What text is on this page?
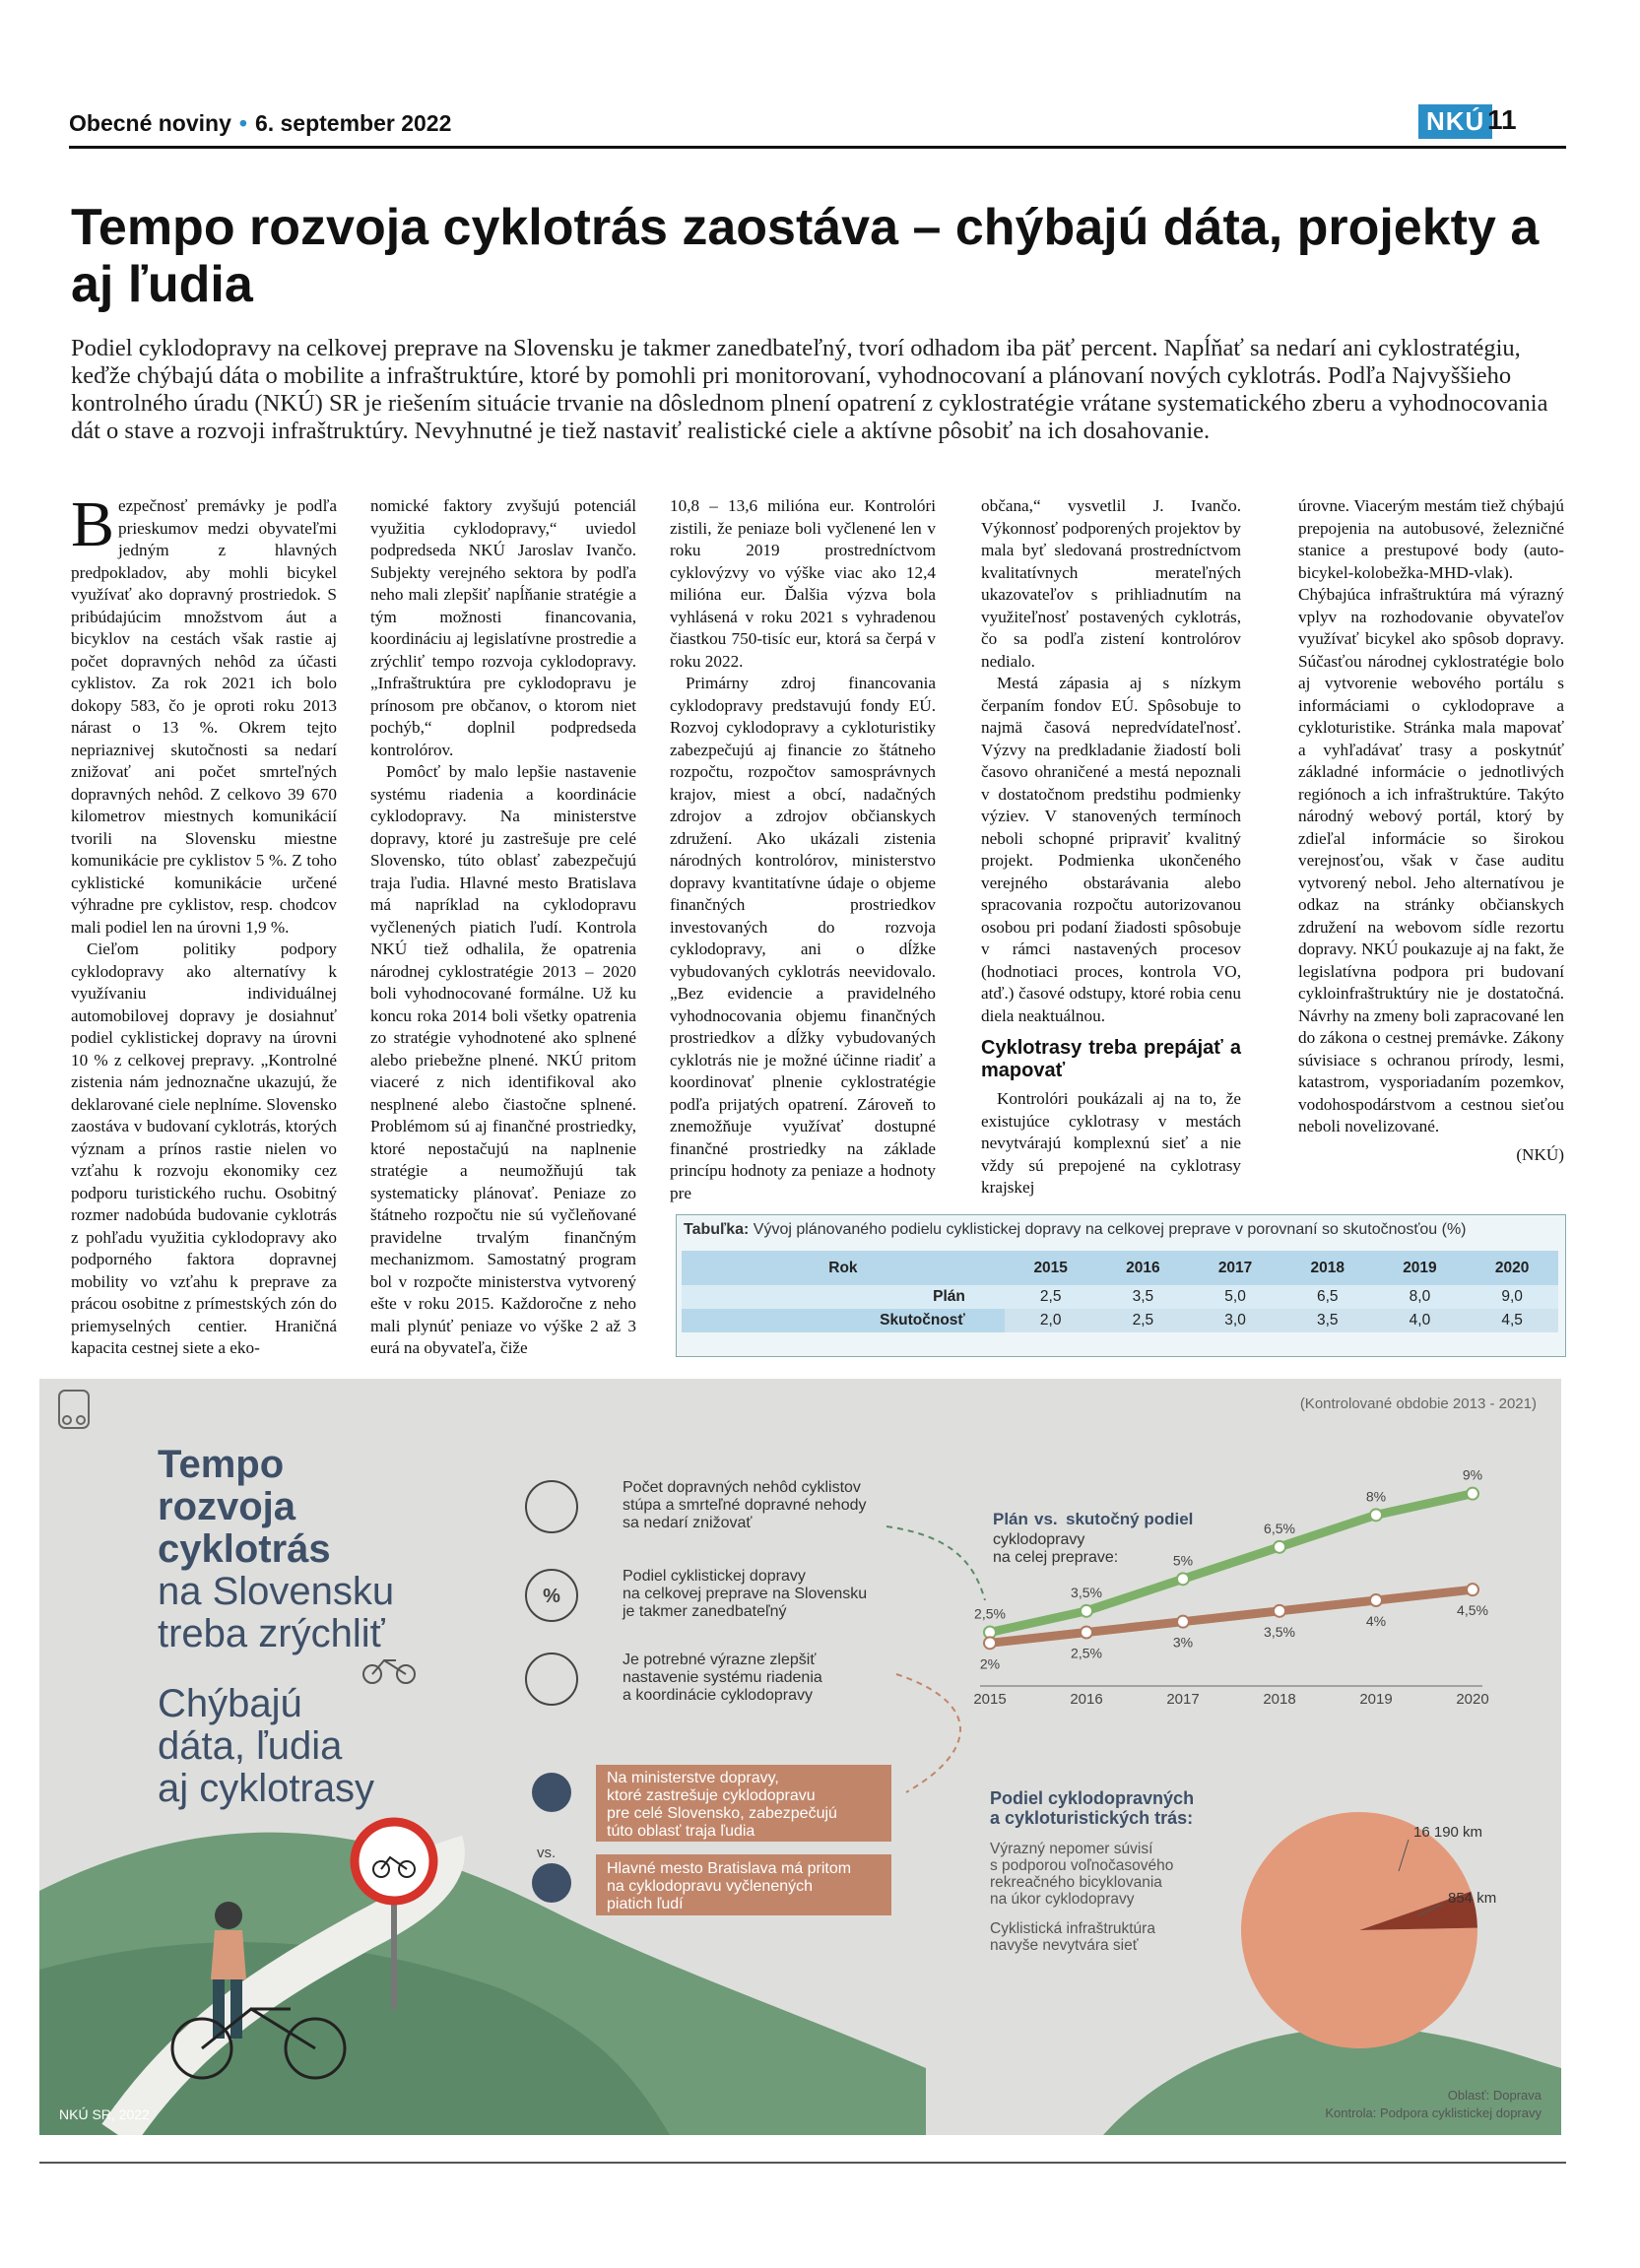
Obecné noviny • 6. september 2022	NKÚ 11
Tempo rozvoja cyklotrás zaostáva – chýbajú dáta, projekty a aj ľudia
Podiel cyklodopravy na celkovej preprave na Slovensku je takmer zanedbateľný, tvorí odhadom iba päť percent. Napĺňať sa nedarí ani cyklostratégiu, keďže chýbajú dáta o mobilite a infraštruktúre, ktoré by pomohli pri monitorovaní, vyhodnocovaní a plánovaní nových cyklotrás. Podľa Najvyššieho kontrolného úradu (NKÚ) SR je riešením situácie trvanie na dôslednom plnení opatrení z cyklostratégie vrátane systematického zberu a vyhodnocovania dát o stave a rozvoji infraštruktúry. Nevyhnutné je tiež nastaviť realistické ciele a aktívne pôsobiť na ich dosahovanie.

Bezpečnosť premávky je podľa prieskumov medzi obyvateľmi jedným z hlavných predpokladov, aby mohli bicykel využívať ako dopravný prostriedok. S pribúdajúcim množstvom áut a bicyklov na cestách však rastie aj počet dopravných nehôd za účasti cyklistov. Za rok 2021 ich bolo dokopy 583, čo je oproti roku 2013 nárast o 13 %. Okrem tejto nepriaznivej skutočnosti sa nedarí znižovať ani počet smrteľných dopravných nehôd. Z celkovo 39 670 kilometrov miestnych komunikácií tvorili na Slovensku miestne komunikácie pre cyklistov 5 %. Z toho cyklistické komunikácie určené výhradne pre cyklistov, resp. chodcov mali podiel len na úrovni 1,9 %.

Cieľom politiky podpory cyklodopravy ako alternatívy k využívaniu individuálnej automobilovej dopravy je dosiahnuť podiel cyklistickej dopravy na úrovni 10 % z celkovej prepravy. „Kontrolné zistenia nám jednoznačne ukazujú, že deklarované ciele neplníme. Slovensko zaostáva v budovaní cyklotrás, ktorých význam a prínos rastie nielen vo vzťahu k rozvoju ekonomiky cez podporu turistického ruchu. Osobitný rozmer nadobúda budovanie cyklotrás z pohľadu využitia cyklodopravy ako podporného faktora dopravnej mobility vo vzťahu k preprave za prácou osobitne z prímestských zón do priemyselných centier. Hraničná kapacita cestnej siete a eko-

nomické faktory zvyšujú potenciál využitia cyklodopravy,“ uviedol podpredseda NKÚ Jaroslav Ivančo. Subjekty verejného sektora by podľa neho mali zlepšiť napĺňanie stratégie a tým možnosti financovania, koordináciu aj legislatívne prostredie a zrýchliť tempo rozvoja cyklodopravy. „Infraštruktúra pre cyklodopravu je prínosom pre občanov, o ktorom niet pochýb,“ doplnil podpredseda kontrolórov.

Pomôcť by malo lepšie nastavenie systému riadenia a koordinácie cyklodopravy. Na ministerstve dopravy, ktoré ju zastrešuje pre celé Slovensko, túto oblasť zabezpečujú traja ľudia. Hlavné mesto Bratislava má napríklad na cyklodopravu vyčlenených piatich ľudí. Kontrola NKÚ tiež odhalila, že opatrenia národnej cyklostratégie 2013 – 2020 boli vyhodnocované formálne. Už ku koncu roka 2014 boli všetky opatrenia zo stratégie vyhodnotené ako splnené alebo priebežne plnené. NKÚ pritom viaceré z nich identifikoval ako nesplnené alebo čiastočne splnené. Problémom sú aj finančné prostriedky, ktoré nepostačujú na naplnenie stratégie a neumožňujú tak systematicky plánovať. Peniaze zo štátneho rozpočtu nie sú vyčleňované pravidelne trvalým finančným mechanizmom. Samostatný program bol v rozpočte ministerstva vytvorený ešte v roku 2015. Každoročne z neho mali plynúť peniaze vo výške 2 až 3 eurá na obyvateľa, čiže

10,8 – 13,6 milióna eur. Kontrolóri zistili, že peniaze boli vyčlenené len v roku 2019 prostredníctvom cyklovýzvy vo výške viac ako 12,4 milióna eur. Ďalšia výzva bola vyhlásená v roku 2021 s vyhradenou čiastkou 750-tisíc eur, ktorá sa čerpá v roku 2022.

Primárny zdroj financovania cyklodopravy predstavujú fondy EÚ. Rozvoj cyklodopravy a cykloturistiky zabezpečujú aj financie zo štátneho rozpočtu, rozpočtov samosprávnych krajov, miest a obcí, nadačných zdrojov a zdrojov občianskych združení. Ako ukázali zistenia národných kontrolórov, ministerstvo dopravy kvantitatívne údaje o objeme finančných prostriedkov investovaných do rozvoja cyklodopravy, ani o dĺžke vybudovaných cyklotrás neevidovalo. „Bez evidencie a pravidelného vyhodnocovania objemu finančných prostriedkov a dĺžky vybudovaných cyklotrás nie je možné účinne riadiť a koordinovať plnenie cyklostratégie podľa prijatých opatrení. Zároveň to znemožňuje využívať dostupné finančné prostriedky na základe princípu hodnoty za peniaze a hodnoty pre

občana,“ vysvetlil J. Ivančo. Výkonnosť podporených projektov by mala byť sledovaná prostredníctvom kvalitatívnych merateľných ukazovateľov s prihliadnutím na využiteľnosť postavených cyklotrás, čo sa podľa zistení kontrolórov nedialo.

Mestá zápasia aj s nízkym čerpaním fondov EÚ. Spôsobuje to najmä časová nepredvídateľnosť. Výzvy na predkladanie žiadostí boli časovo ohraničené a mestá nepoznali v dostatočnom predstihu podmienky výziev. V stanovených termínoch neboli schopné pripraviť kvalitný projekt. Podmienka ukončeného verejného obstarávania alebo spracovania rozpočtu autorizovanou osobou pri podaní žiadosti spôsobuje v rámci nastavených procesov (hodnotiaci proces, kontrola VO, atď.) časové odstupy, ktoré robia cenu diela neaktuálnou.

Cyklotrasy treba prepájať a mapovať

Kontrolóri poukázali aj na to, že existujúce cyklotrasy v mestách nevytvárajú komplexnú sieť a nie vždy sú prepojené na cyklotrasy krajskej

úrovne. Viacerým mestám tiež chýbajú prepojenia na autobusové, železničné stanice a prestupové body (auto-bicykel-kolobežka-MHD-vlak). Chýbajúca infraštruktúra má výrazný vplyv na rozhodovanie obyvateľov využívať bicykel ako spôsob dopravy. Súčasťou národnej cyklostratégie bolo aj vytvorenie webového portálu s informáciami o cyklodoprave a cykloturistike. Stránka mala mapovať a vyhľadávať trasy a poskytnúť základné informácie o jednotlivých regiónoch a ich infraštruktúre. Takýto národný webový portál, ktorý by zdieľal informácie so širokou verejnosťou, však v čase auditu vytvorený nebol. Jeho alternatívou je odkaz na stránky občianskych združení na webovom sídle rezortu dopravy. NKÚ poukazuje aj na fakt, že legislatívna podpora pri budovaní cykloinfraštruktúry nie je dostatočná. Návrhy na zmeny boli zapracované len do zákona o cestnej premávke. Zákony súvisiace s ochranou prírody, lesmi, katastrom, vysporiadaním pozemkov, vodohospodárstvom a cestnou sieťou neboli novelizované.

(NKÚ)
Tabuľka: Vývoj plánovaného podielu cyklistickej dopravy na celkovej preprave v porovnaní so skutočnosťou (%)
Rok	2015	2016	2017	2018	2019	2020
Plán	2,5	3,5	5,0	6,5	8,0	9,0
Skutočnosť	2,0	2,5	3,0	3,5	4,0	4,5
(Kontrolované obdobie 2013 - 2021)
Tempo
rozvoja
cyklotrás
na Slovensku
treba zrýchliť
Chýbajú
dáta, ľudia
aj cyklotrasy
Počet dopravných nehôd cyklistov
stúpa a smrteľné dopravné nehody
sa nedarí znižovať
%
Podiel cyklistickej dopravy
na celkovej preprave na Slovensku
je takmer zanedbateľný
Je potrebné výrazne zlepšiť
nastavenie systému riadenia
a koordinácie cyklodopravy
Na ministerstve dopravy,
ktoré zastrešuje cyklodopravu
pre celé Slovensko, zabezpečujú
túto oblasť traja ľudia
vs.
Hlavné mesto Bratislava má pritom
na cyklodopravu vyčlenených
piatich ľudí
Plán vs. skutočný podiel
cyklodopravy
na celej preprave:
2015	2016	2017	2018	2019	2020
2,5%
3,5%
5%
6,5%
8%
9%
2%
2,5%
3%
3,5%
4%
4,5%
Podiel cyklodopravných
a cykloturistických trás:
Výrazný nepomer súvisí
s podporou voľnočasového
rekreačného bicyklovania
na úkor cyklodopravy
Cyklistická infraštruktúra
navyše nevytvára sieť
16 190 km
854 km
NKÚ SR, 2022
Oblasť: Doprava
Kontrola: Podpora cyklistickej dopravy
